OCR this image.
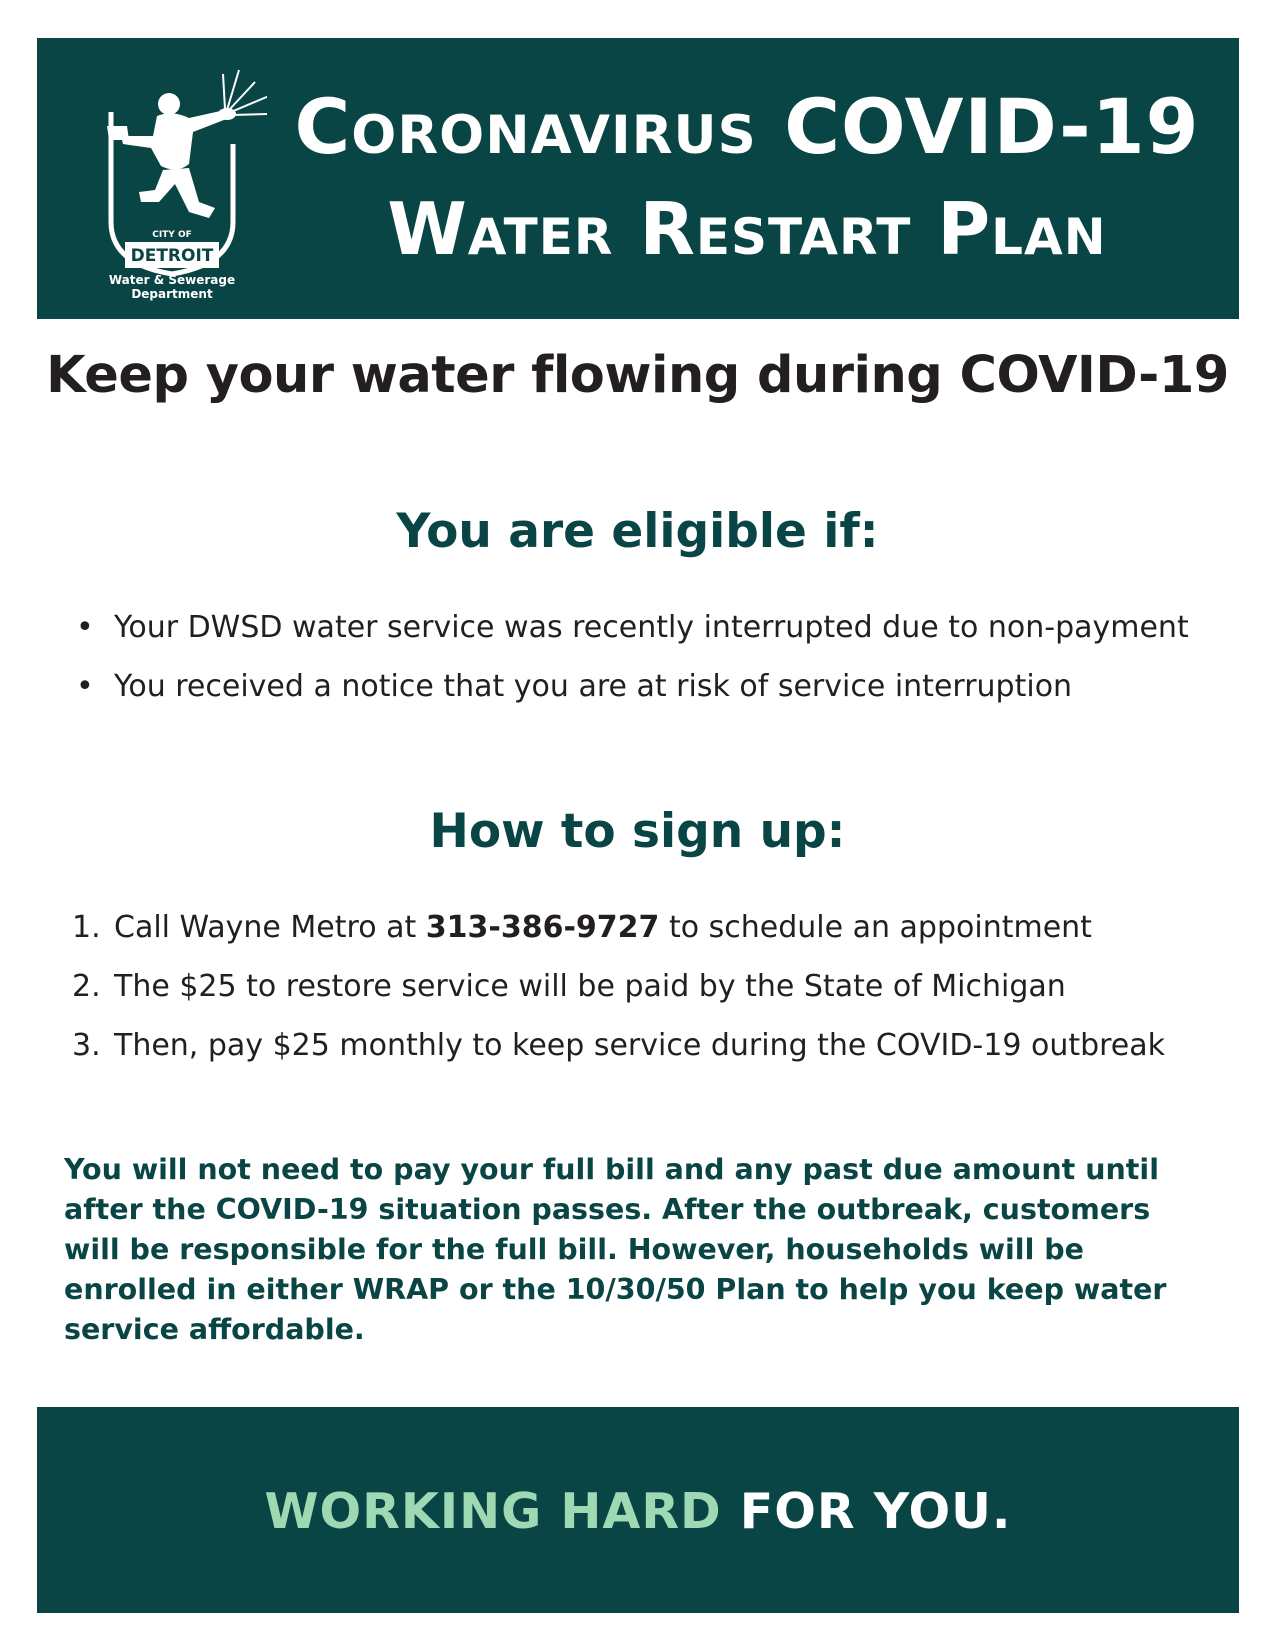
CITY OF
DETROIT
Water & Sewerage
Department
Coronavirus COVID-19
Water Restart Plan
Keep your water flowing during COVID-19
You are eligible if:
• Your DWSD water service was recently interrupted due to non-payment
• You received a notice that you are at risk of service interruption
How to sign up:
1. Call Wayne Metro at 313-386-9727 to schedule an appointment
2. The $25 to restore service will be paid by the State of Michigan
3. Then, pay $25 monthly to keep service during the COVID-19 outbreak

You will not need to pay your full bill and any past due amount until
after the COVID-19 situation passes. After the outbreak, customers
will be responsible for the full bill. However, households will be
enrolled in either WRAP or the 10/30/50 Plan to help you keep water
service affordable.

WORKING HARD FOR YOU.
